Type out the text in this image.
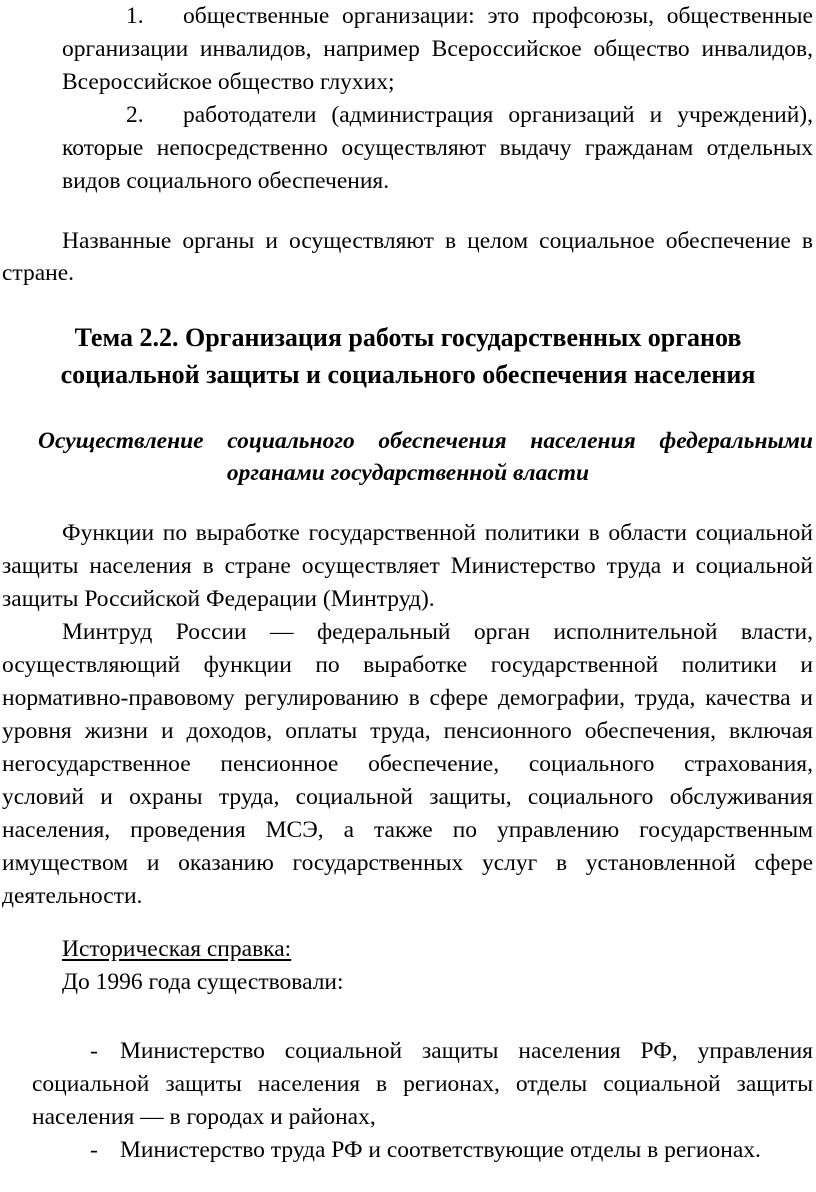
1. общественные организации: это профсоюзы, общественные
организации инвалидов, например Всероссийское общество инвалидов,
Всероссийское общество глухих;
2. работодатели (администрация организаций и учреждений),
которые непосредственно осуществляют выдачу гражданам отдельных
видов социального обеспечения.
Названные органы и осуществляют в целом социальное обеспечение в
стране.
Тема 2.2. Организация работы государственных органов
социальной защиты и социального обеспечения населения
Осуществление социального обеспечения населения федеральными
органами государственной власти
Функции по выработке государственной политики в области социальной
защиты населения в стране осуществляет Министерство труда и социальной
защиты Российской Федерации (Минтруд).
Минтруд России — федеральный орган исполнительной власти,
осуществляющий функции по выработке государственной политики и
нормативно-правовому регулированию в сфере демографии, труда, качества и
уровня жизни и доходов, оплаты труда, пенсионного обеспечения, включая
негосударственное пенсионное обеспечение, социального страхования,
условий и охраны труда, социальной защиты, социального обслуживания
населения, проведения МСЭ, а также по управлению государственным
имуществом и оказанию государственных услуг в установленной сфере
деятельности.
Историческая справка:
До 1996 года существовали:
- Министерство социальной защиты населения РФ, управления
социальной защиты населения в регионах, отделы социальной защиты
населения — в городах и районах,
- Министерство труда РФ и соответствующие отделы в регионах.
